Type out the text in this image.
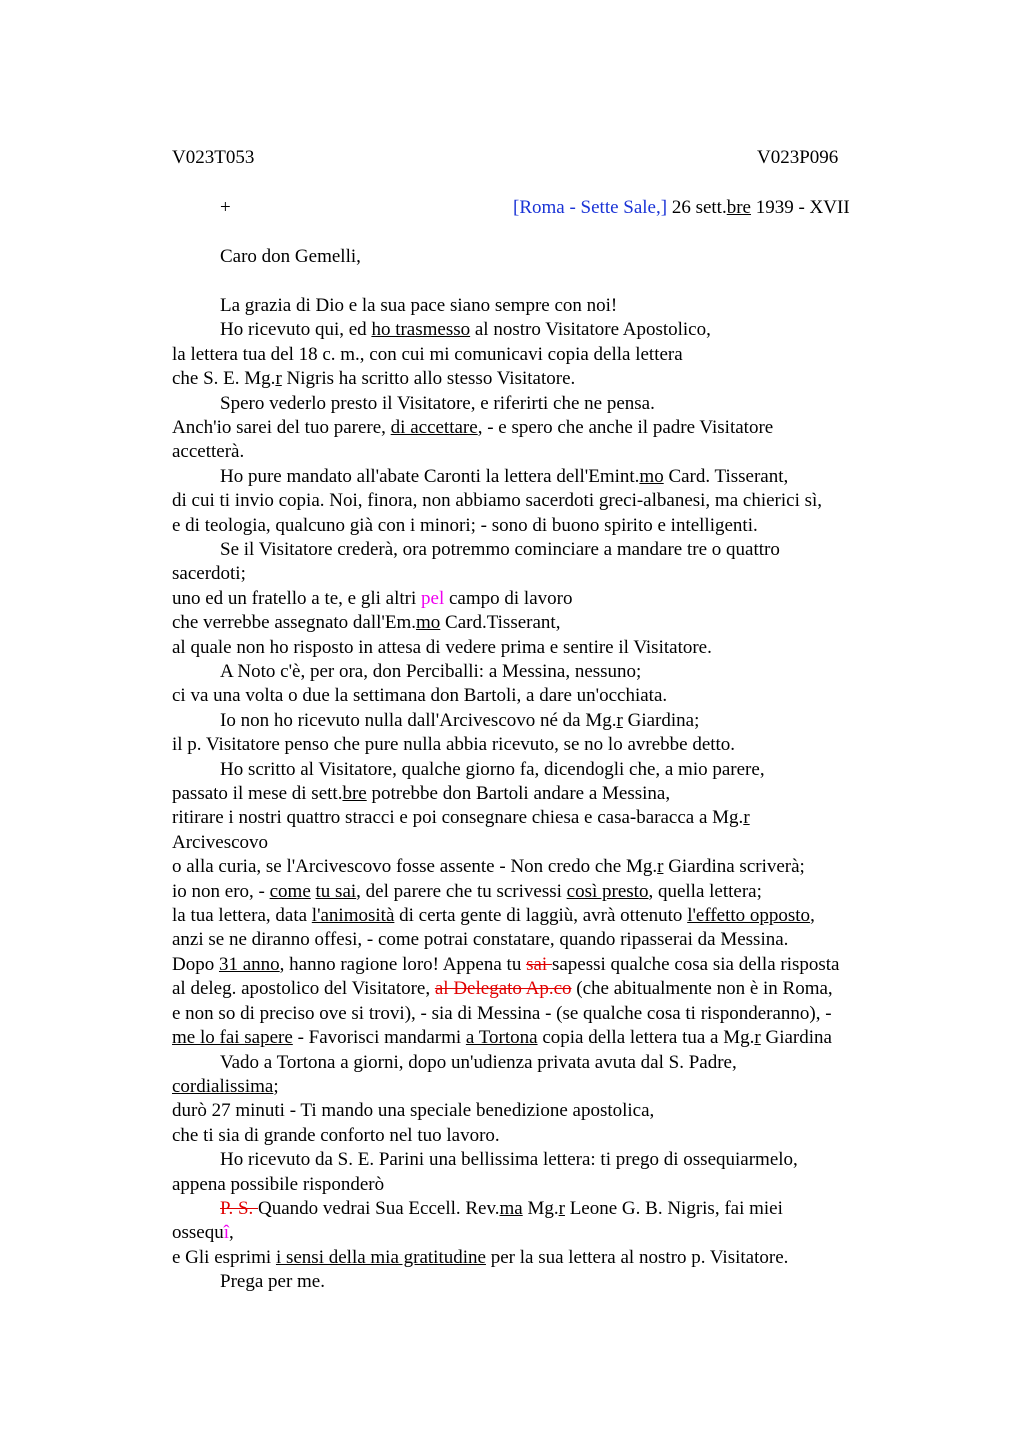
V023T053	V023P096
+	[Roma - Sette Sale,] 26 sett.bre 1939 - XVII
Caro don Gemelli,
La grazia di Dio e la sua pace siano sempre con noi!
Ho ricevuto qui, ed ho trasmesso al nostro Visitatore Apostolico,
la lettera tua del 18 c. m., con cui mi comunicavi copia della lettera
che S. E. Mg.r Nigris ha scritto allo stesso Visitatore.
Spero vederlo presto il Visitatore, e riferirti che ne pensa.
Anch'io sarei del tuo parere, di accettare, - e spero che anche il padre Visitatore
accetterà.
Ho pure mandato all'abate Caronti la lettera dell'Emint.mo Card. Tisserant,
di cui ti invio copia. Noi, finora, non abbiamo sacerdoti greci-albanesi, ma chierici sì,
e di teologia, qualcuno già con i minori; - sono di buono spirito e intelligenti.
Se il Visitatore crederà, ora potremmo cominciare a mandare tre o quattro
sacerdoti;
uno ed un fratello a te, e gli altri pel campo di lavoro
che verrebbe assegnato dall'Em.mo Card.Tisserant,
al quale non ho risposto in attesa di vedere prima e sentire il Visitatore.
A Noto c'è, per ora, don Perciballi: a Messina, nessuno;
ci va una volta o due la settimana don Bartoli, a dare un'occhiata.
Io non ho ricevuto nulla dall'Arcivescovo né da Mg.r Giardina;
il p. Visitatore penso che pure nulla abbia ricevuto, se no lo avrebbe detto.
Ho scritto al Visitatore, qualche giorno fa, dicendogli che, a mio parere,
passato il mese di sett.bre potrebbe don Bartoli andare a Messina,
ritirare i nostri quattro stracci e poi consegnare chiesa e casa-baracca a Mg.r
Arcivescovo
o alla curia, se l'Arcivescovo fosse assente - Non credo che Mg.r Giardina scriverà;
io non ero, - come tu sai, del parere che tu scrivessi così presto, quella lettera;
la tua lettera, data l'animosità di certa gente di laggiù, avrà ottenuto l'effetto opposto,
anzi se ne diranno offesi, - come potrai constatare, quando ripasserai da Messina.
Dopo 31 anno, hanno ragione loro! Appena tu sai sapessi qualche cosa sia della risposta
al deleg. apostolico del Visitatore, al Delegato Ap.co (che abitualmente non è in Roma,
e non so di preciso ove si trovi), - sia di Messina - (se qualche cosa ti risponderanno), -
me lo fai sapere - Favorisci mandarmi a Tortona copia della lettera tua a Mg.r Giardina
Vado a Tortona a giorni, dopo un'udienza privata avuta dal S. Padre,
cordialissima;
durò 27 minuti - Ti mando una speciale benedizione apostolica,
che ti sia di grande conforto nel tuo lavoro.
Ho ricevuto da S. E. Parini una bellissima lettera: ti prego di ossequiarmelo,
appena possibile risponderò
P. S. Quando vedrai Sua Eccell. Rev.ma Mg.r Leone G. B. Nigris, fai miei
ossequî,
e Gli esprimi i sensi della mia gratitudine per la sua lettera al nostro p. Visitatore.
Prega per me.
